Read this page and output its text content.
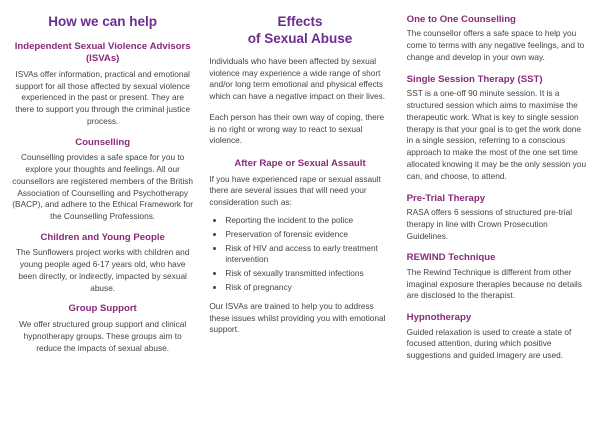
How we can help
Independent Sexual Violence Advisors (ISVAs)
ISVAs offer information, practical and emotional support for all those affected by sexual violence experienced in the past or present. They are there to support you through the criminal justice process.
Counselling
Counselling provides a safe space for you to explore your thoughts and feelings. All our counsellors are registered members of the British Association of Counselling and Psychotherapy (BACP), and adhere to the Ethical Framework for the Counselling Professions.
Children and Young People
The Sunflowers project works with children and young people aged 6-17 years old, who have been directly, or indirectly, impacted by sexual abuse.
Group Support
We offer structured group support and clinical hypnotherapy groups. These groups aim to reduce the impacts of sexual abuse.
Effects
of Sexual Abuse
Individuals who have been affected by sexual violence may experience a wide range of short and/or long term emotional and physical effects which can have a negative impact on their lives.
Each person has their own way of coping, there is no right or wrong way to react to sexual violence.
After Rape or Sexual Assault
If you have experienced rape or sexual assault there are several issues that will need your consideration such as:
• Reporting the incident to the police
• Preservation of forensic evidence
• Risk of HIV and access to early treatment intervention
• Risk of sexually transmitted infections
• Risk of pregnancy
Our ISVAs are trained to help you to address these issues whilst providing you with emotional support.
One to One Counselling
The counsellor offers a safe space to help you come to terms with any negative feelings, and to change and develop in your own way.
Single Session Therapy (SST)
SST is a one-off 90 minute session. It is a structured session which aims to maximise the therapeutic work. What is key to single session therapy is that your goal is to get the work done in a single session, referring to a conscious approach to make the most of the one set time allocated knowing it may be the only session you can, and choose, to attend.
Pre-Trial Therapy
RASA offers 6 sessions of structured pre-trial therapy in line with Crown Prosecution Guidelines.
REWIND Technique
The Rewind Technique is different from other imaginal exposure therapies because no details are disclosed to the therapist.
Hypnotherapy
Guided relaxation is used to create a state of focused attention, during which positive suggestions and guided imagery are used.
